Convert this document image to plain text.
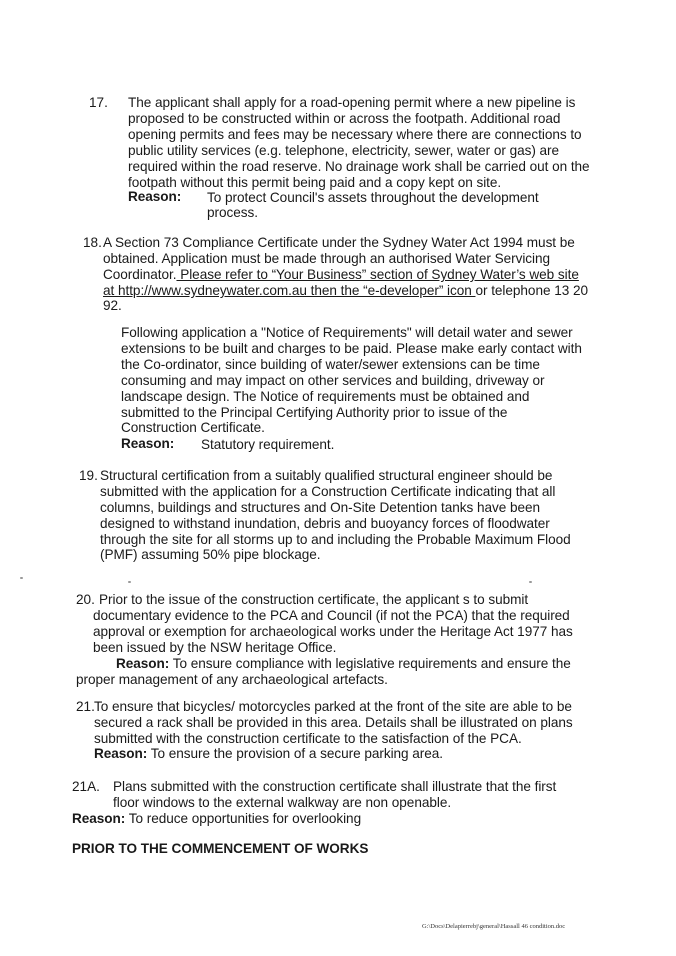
17. The applicant shall apply for a road-opening permit where a new pipeline is
proposed to be constructed within or across the footpath. Additional road
opening permits and fees may be necessary where there are connections to
public utility services (e.g. telephone, electricity, sewer, water or gas) are
required within the road reserve. No drainage work shall be carried out on the
footpath without this permit being paid and a copy kept on site.
Reason: To protect Council's assets throughout the development
process.
18. A Section 73 Compliance Certificate under the Sydney Water Act 1994 must be
obtained. Application must be made through an authorised Water Servicing
Coordinator. Please refer to “Your Business” section of Sydney Water’s web site
at http://www.sydneywater.com.au then the “e-developer” icon or telephone 13 20
92.
Following application a "Notice of Requirements" will detail water and sewer
extensions to be built and charges to be paid. Please make early contact with
the Co-ordinator, since building of water/sewer extensions can be time
consuming and may impact on other services and building, driveway or
landscape design. The Notice of requirements must be obtained and
submitted to the Principal Certifying Authority prior to issue of the
Construction Certificate.
Reason: Statutory requirement.
19. Structural certification from a suitably qualified structural engineer should be
submitted with the application for a Construction Certificate indicating that all
columns, buildings and structures and On-Site Detention tanks have been
designed to withstand inundation, debris and buoyancy forces of floodwater
through the site for all storms up to and including the Probable Maximum Flood
(PMF) assuming 50% pipe blockage.
20. Prior to the issue of the construction certificate, the applicant s to submit
documentary evidence to the PCA and Council (if not the PCA) that the required
approval or exemption for archaeological works under the Heritage Act 1977 has
been issued by the NSW heritage Office.
Reason: To ensure compliance with legislative requirements and ensure the
proper management of any archaeological artefacts.
21. To ensure that bicycles/ motorcycles parked at the front of the site are able to be
secured a rack shall be provided in this area. Details shall be illustrated on plans
submitted with the construction certificate to the satisfaction of the PCA.
Reason: To ensure the provision of a secure parking area.
21A. Plans submitted with the construction certificate shall illustrate that the first
floor windows to the external walkway are non openable.
Reason: To reduce opportunities for overlooking
PRIOR TO THE COMMENCEMENT OF WORKS
G:\Docs\Delapierrebj\general\Hassall 46 condition.doc
